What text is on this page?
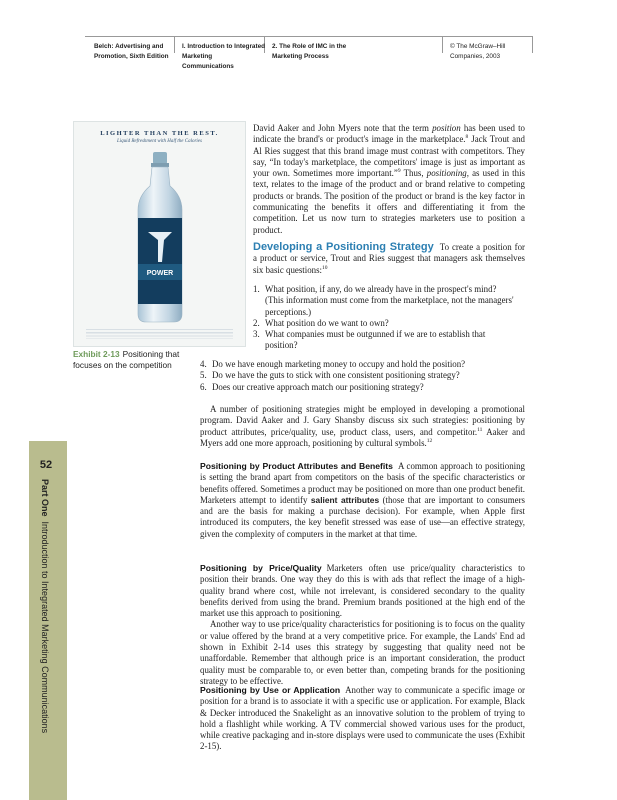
Belch: Advertising and
Promotion, Sixth Edition
I. Introduction to Integrated
Marketing
Communications
2. The Role of IMC in the
Marketing Process
© The McGraw–Hill
Companies, 2003
52
Part OneIntroduction to Integrated Marketing Communications
LIGHTER THAN THE REST.
Liquid Refreshment with Half the Calories
POWER
Exhibit 2-13 Positioning that focuses on the competition

David Aaker and John Myers note that the term position has been used to indicate the brand's or product's image in the marketplace.$^8$ Jack Trout and Al Ries suggest that this brand image must contrast with competitors. They say, “In today's marketplace, the competitors' image is just as important as your own. Sometimes more important.”$^9$ Thus, positioning, as used in this text, relates to the image of the product and or brand relative to competing products or brands. The position of the product or brand is the key factor in communicating the benefits it offers and differentiating it from the competition. Let us now turn to strategies marketers use to position a product.

Developing a Positioning Strategy To create a position for a product or service, Trout and Ries suggest that managers ask themselves six basic questions:$^{10}$

1. What position, if any, do we already have in the prospect's mind? (This information must come from the marketplace, not the managers' perceptions.)
2. What position do we want to own?
3. What companies must be outgunned if we are to establish that position?
4. Do we have enough marketing money to occupy and hold the position?
5. Do we have the guts to stick with one consistent positioning strategy?
6. Does our creative approach match our positioning strategy?

A number of positioning strategies might be employed in developing a promotional program. David Aaker and J. Gary Shansby discuss six such strategies: positioning by product attributes, price/quality, use, product class, users, and competitor.$^{11}$ Aaker and Myers add one more approach, positioning by cultural symbols.$^{12}$

Positioning by Product Attributes and Benefits A common approach to positioning is setting the brand apart from competitors on the basis of the specific characteristics or benefits offered. Sometimes a product may be positioned on more than one product benefit. Marketers attempt to identify salient attributes (those that are important to consumers and are the basis for making a purchase decision). For example, when Apple first introduced its computers, the key benefit stressed was ease of use—an effective strategy, given the complexity of computers in the market at that time.

Positioning by Price/Quality Marketers often use price/quality characteristics to position their brands. One way they do this is with ads that reflect the image of a high-quality brand where cost, while not irrelevant, is considered secondary to the quality benefits derived from using the brand. Premium brands positioned at the high end of the market use this approach to positioning.

Another way to use price/quality characteristics for positioning is to focus on the quality or value offered by the brand at a very competitive price. For example, the Lands' End ad shown in Exhibit 2-14 uses this strategy by suggesting that quality need not be unaffordable. Remember that although price is an important consideration, the product quality must be comparable to, or even better than, competing brands for the positioning strategy to be effective.

Positioning by Use or Application Another way to communicate a specific image or position for a brand is to associate it with a specific use or application. For example, Black & Decker introduced the Snakelight as an innovative solution to the problem of trying to hold a flashlight while working. A TV commercial showed various uses for the product, while creative packaging and in-store displays were used to communicate the uses (Exhibit 2-15).
